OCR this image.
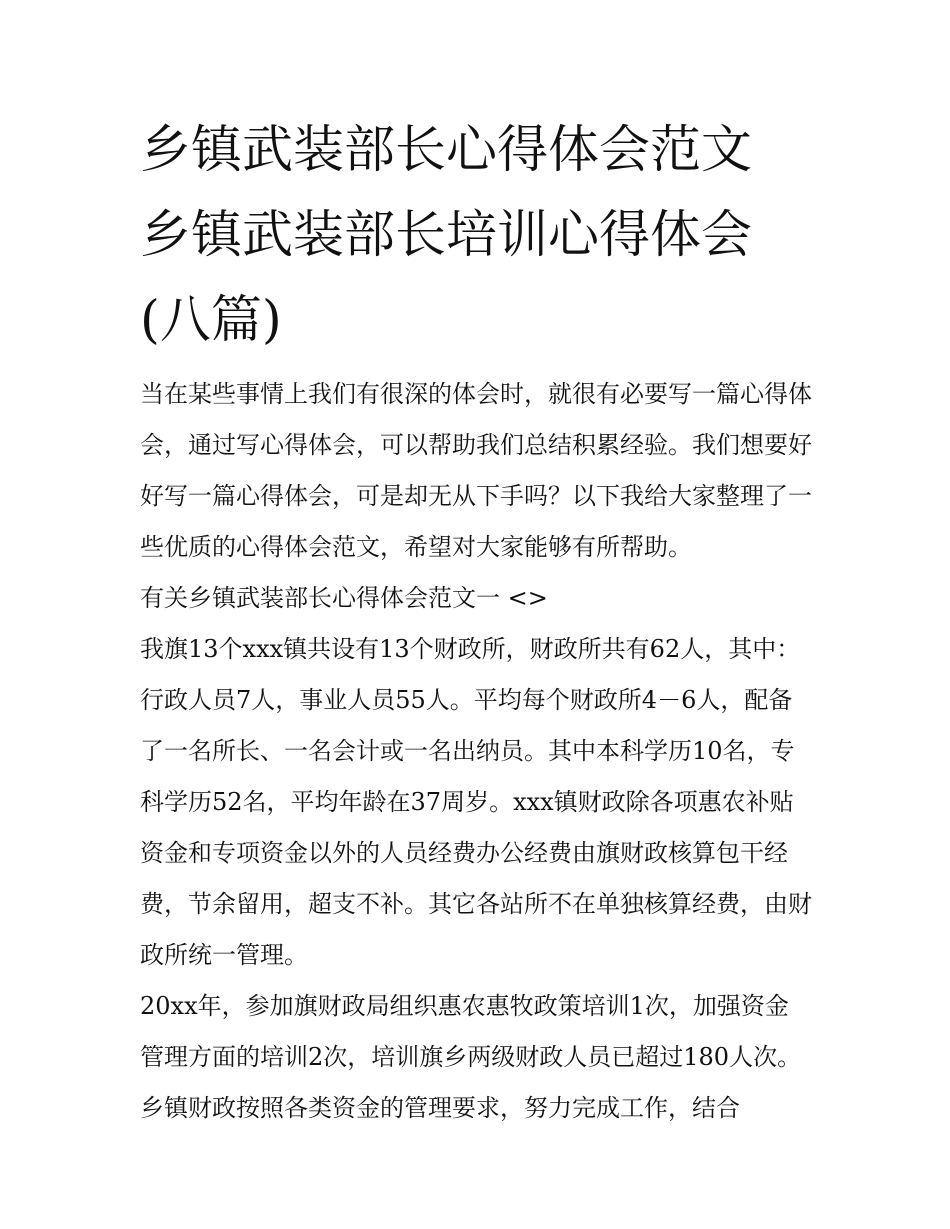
乡镇武装部长心得体会范文 乡镇武装部长培训心得体会(八篇)

当在某些事情上我们有很深的体会时，就很有必要写一篇心得体会，通过写心得体会，可以帮助我们总结积累经验。我们想要好好写一篇心得体会，可是却无从下手吗？以下我给大家整理了一些优质的心得体会范文，希望对大家能够有所帮助。

有关乡镇武装部长心得体会范文一 <>

我旗13个xxx镇共设有13个财政所，财政所共有62人，其中：行政人员7人，事业人员55人。平均每个财政所4－6人，配备了一名所长、一名会计或一名出纳员。其中本科学历10名，专科学历52名，平均年龄在37周岁。xxx镇财政除各项惠农补贴资金和专项资金以外的人员经费办公经费由旗财政核算包干经费，节余留用，超支不补。其它各站所不在单独核算经费，由财政所统一管理。

20xx年，参加旗财政局组织惠农惠牧政策培训1次，加强资金管理方面的培训2次，培训旗乡两级财政人员已超过180人次。乡镇财政按照各类资金的管理要求，努力完成工作，结合
